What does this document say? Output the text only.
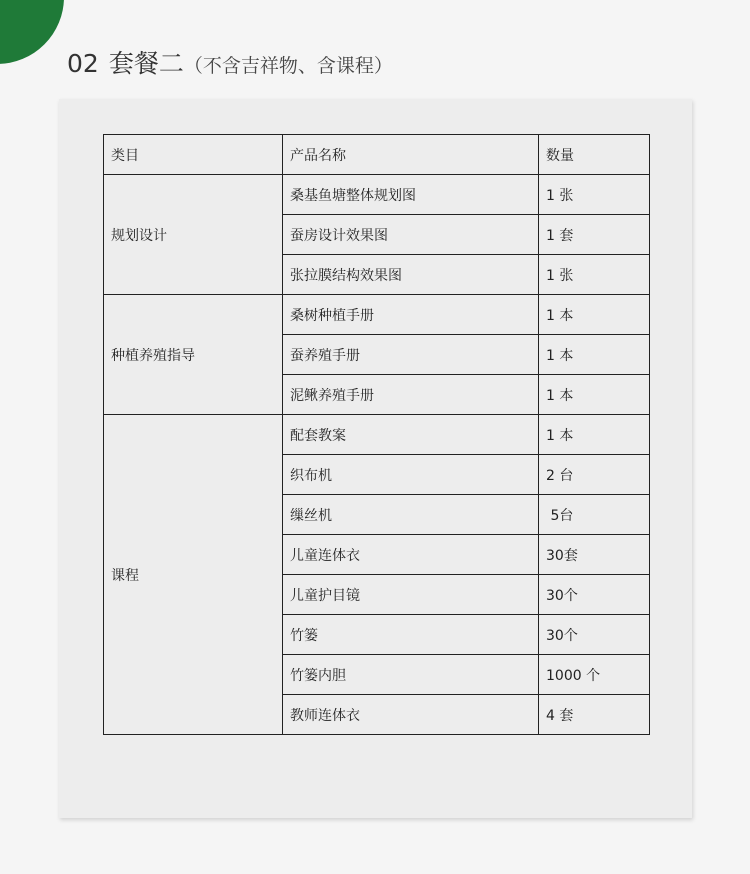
02 套餐二（不含吉祥物、含课程）
类目	产品名称	数量
规划设计	桑基鱼塘整体规划图	1 张
	蚕房设计效果图	1 套
	张拉膜结构效果图	1 张
种植养殖指导	桑树种植手册	1 本
	蚕养殖手册	1 本
	泥鳅养殖手册	1 本
课程	配套教案	1 本
	织布机	2 台
	缫丝机	5台
	儿童连体衣	30套
	儿童护目镜	30个
	竹篓	30个
	竹篓内胆	1000 个
	教师连体衣	4 套
